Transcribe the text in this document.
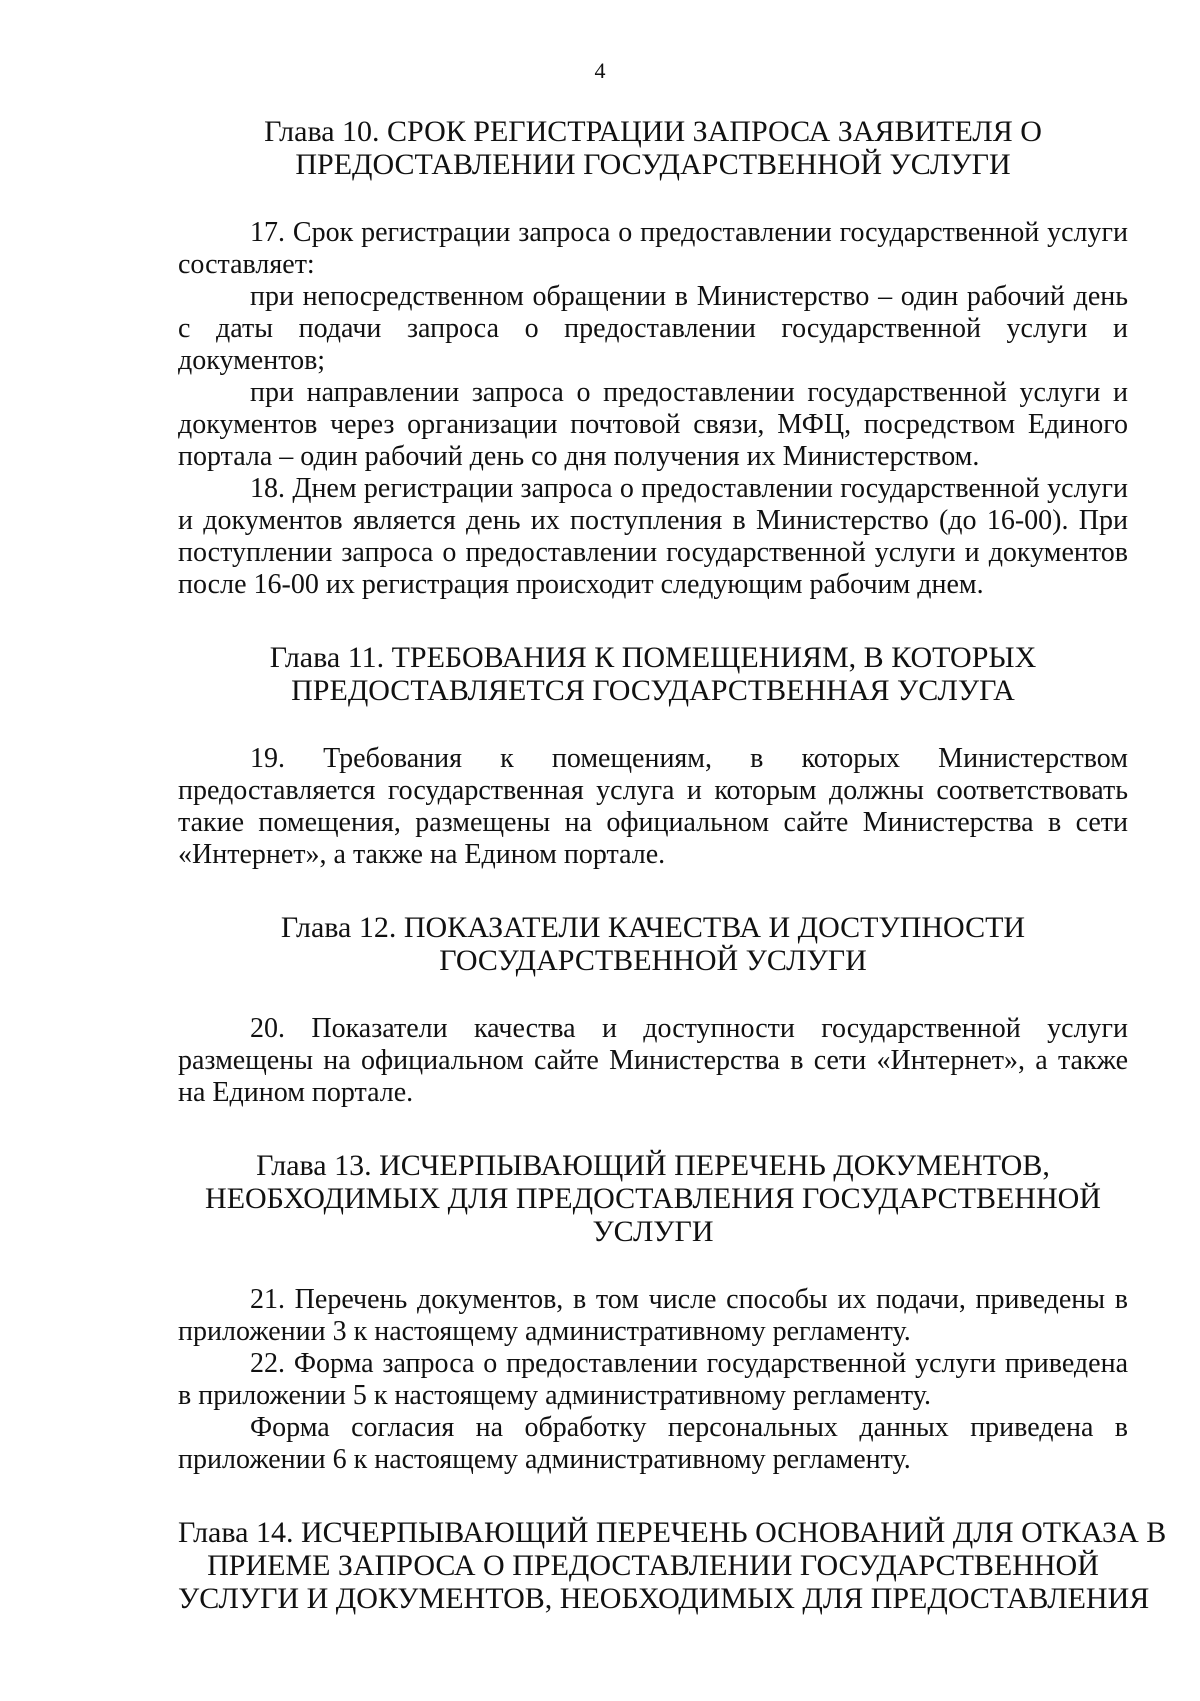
4
Глава 10. СРОК РЕГИСТРАЦИИ ЗАПРОСА ЗАЯВИТЕЛЯ О
ПРЕДОСТАВЛЕНИИ ГОСУДАРСТВЕННОЙ УСЛУГИ

17. Срок регистрации запроса о предоставлении государственной услуги составляет:

при непосредственном обращении в Министерство – один рабочий день с даты подачи запроса о предоставлении государственной услуги и документов;

при направлении запроса о предоставлении государственной услуги и документов через организации почтовой связи, МФЦ, посредством Единого портала – один рабочий день со дня получения их Министерством.

18. Днем регистрации запроса о предоставлении государственной услуги и документов является день их поступления в Министерство (до 16-00). При поступлении запроса о предоставлении государственной услуги и документов после 16-00 их регистрация происходит следующим рабочим днем.

Глава 11. ТРЕБОВАНИЯ К ПОМЕЩЕНИЯМ, В КОТОРЫХ
ПРЕДОСТАВЛЯЕТСЯ ГОСУДАРСТВЕННАЯ УСЛУГА

19. Требования к помещениям, в которых Министерством предоставляется государственная услуга и которым должны соответствовать такие помещения, размещены на официальном сайте Министерства в сети «Интернет», а также на Едином портале.

Глава 12. ПОКАЗАТЕЛИ КАЧЕСТВА И ДОСТУПНОСТИ
ГОСУДАРСТВЕННОЙ УСЛУГИ

20. Показатели качества и доступности государственной услуги размещены на официальном сайте Министерства в сети «Интернет», а также на Едином портале.

Глава 13. ИСЧЕРПЫВАЮЩИЙ ПЕРЕЧЕНЬ ДОКУМЕНТОВ,
НЕОБХОДИМЫХ ДЛЯ ПРЕДОСТАВЛЕНИЯ ГОСУДАРСТВЕННОЙ
УСЛУГИ

21. Перечень документов, в том числе способы их подачи, приведены в приложении 3 к настоящему административному регламенту.

22. Форма запроса о предоставлении государственной услуги приведена в приложении 5 к настоящему административному регламенту.

Форма согласия на обработку персональных данных приведена в приложении 6 к настоящему административному регламенту.

Глава 14. ИСЧЕРПЫВАЮЩИЙ ПЕРЕЧЕНЬ ОСНОВАНИЙ ДЛЯ ОТКАЗА В
ПРИЕМЕ ЗАПРОСА О ПРЕДОСТАВЛЕНИИ ГОСУДАРСТВЕННОЙ
УСЛУГИ И ДОКУМЕНТОВ, НЕОБХОДИМЫХ ДЛЯ ПРЕДОСТАВЛЕНИЯ
